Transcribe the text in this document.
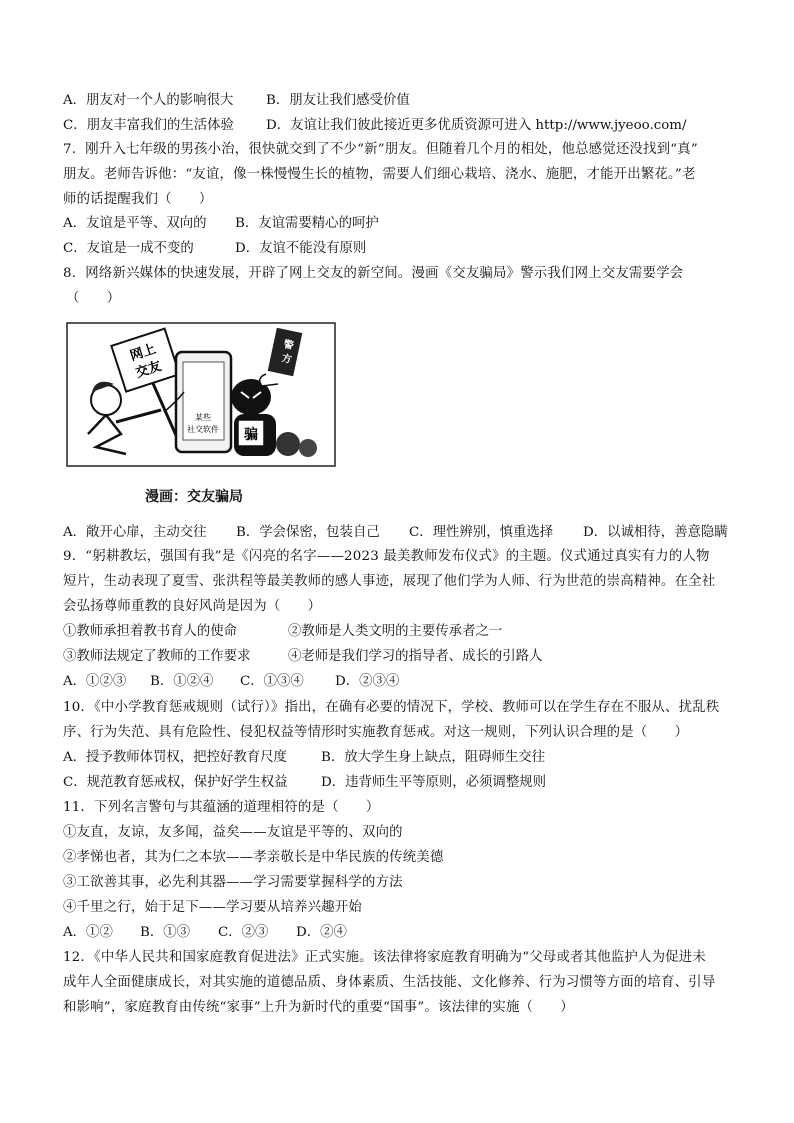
A．朋友对一个人的影响很大 B．朋友让我们感受价值
C．朋友丰富我们的生活体验 D．友谊让我们彼此接近更多优质资源可进入 http://www.jyeoo.com/
7．刚升入七年级的男孩小治，很快就交到了不少“新”朋友。但随着几个月的相处，他总感觉还没找到“真”
朋友。老师告诉他：“友谊，像一株慢慢生长的植物，需要人们细心栽培、浇水、施肥，才能开出繁花。”老
师的话提醒我们（　　）
A．友谊是平等、双向的 B．友谊需要精心的呵护
C．友谊是一成不变的	D．友谊不能没有原则
8．网络新兴媒体的快速发展，开辟了网上交友的新空间。漫画《交友骗局》警示我们网上交友需要学会
（　　）
网上
交友
某些
社交软件 骗
警
方
漫画：交友骗局
A．敞开心扉，主动交往 B．学会保密，包装自己 C．理性辨别，慎重选择 D．以诚相待，善意隐瞒
9．“躬耕教坛，强国有我”是《闪亮的名字——2023 最美教师发布仪式》的主题。仪式通过真实有力的人物
短片，生动表现了夏雪、张洪程等最美教师的感人事迹，展现了他们学为人师、行为世范的崇高精神。在全社
会弘扬尊师重教的良好风尚是因为（　　）
①教师承担着教书育人的使命	②教师是人类文明的主要传承者之一
③教师法规定了教师的工作要求	④老师是我们学习的指导者、成长的引路人
A．①②③ B．①②④ C．①③④ D．②③④
10．《中小学教育惩戒规则（试行）》指出，在确有必要的情况下，学校、教师可以在学生存在不服从、扰乱秩
序、行为失范、具有危险性、侵犯权益等情形时实施教育惩戒。对这一规则，下列认识合理的是（　　）
A．授予教师体罚权，把控好教育尺度	B．放大学生身上缺点，阻碍师生交往
C．规范教育惩戒权，保护好学生权益	D．违背师生平等原则，必须调整规则
11．下列名言警句与其蕴涵的道理相符的是（　　）
①友直，友谅，友多闻，益矣——友谊是平等的、双向的
②孝悌也者，其为仁之本欤——孝亲敬长是中华民族的传统美德
③工欲善其事，必先利其器——学习需要掌握科学的方法
④千里之行，始于足下——学习要从培养兴趣开始
A．①② B．①③ C．②③ D．②④
12．《中华人民共和国家庭教育促进法》正式实施。该法律将家庭教育明确为“父母或者其他监护人为促进未
成年人全面健康成长，对其实施的道德品质、身体素质、生活技能、文化修养、行为习惯等方面的培育、引导
和影响”，家庭教育由传统“家事”上升为新时代的重要“国事”。该法律的实施（　　）
